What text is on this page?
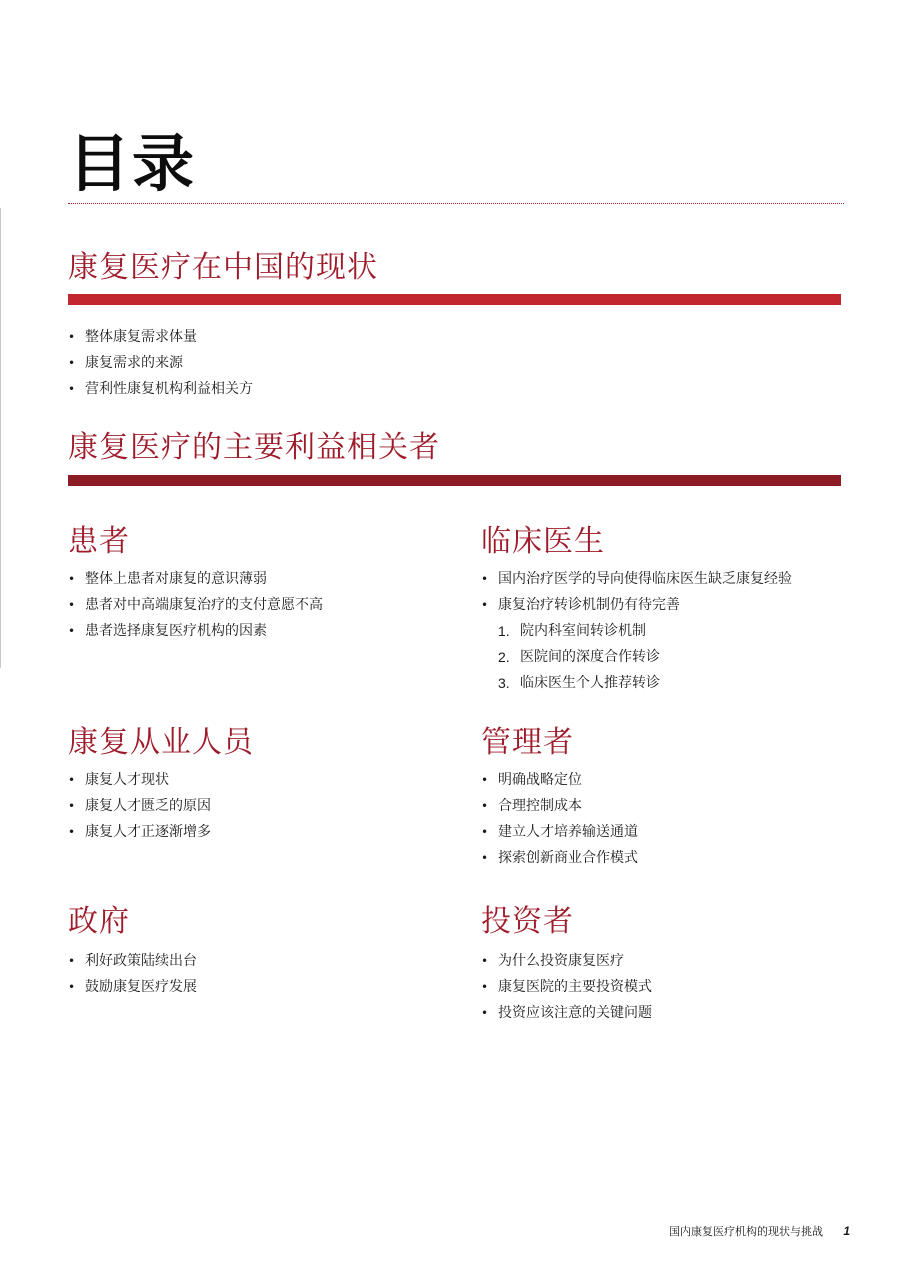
目录
康复医疗在中国的现状
• 整体康复需求体量
• 康复需求的来源
• 营利性康复机构利益相关方
康复医疗的主要利益相关者
患者
• 整体上患者对康复的意识薄弱
• 患者对中高端康复治疗的支付意愿不高
• 患者选择康复医疗机构的因素
临床医生
• 国内治疗医学的导向使得临床医生缺乏康复经验
• 康复治疗转诊机制仍有待完善
1. 院内科室间转诊机制
2. 医院间的深度合作转诊
3. 临床医生个人推荐转诊
康复从业人员
• 康复人才现状
• 康复人才匮乏的原因
• 康复人才正逐渐增多
管理者
• 明确战略定位
• 合理控制成本
• 建立人才培养输送通道
• 探索创新商业合作模式
政府
• 利好政策陆续出台
• 鼓励康复医疗发展
投资者
• 为什么投资康复医疗
• 康复医院的主要投资模式
• 投资应该注意的关键问题
国内康复医疗机构的现状与挑战 1
